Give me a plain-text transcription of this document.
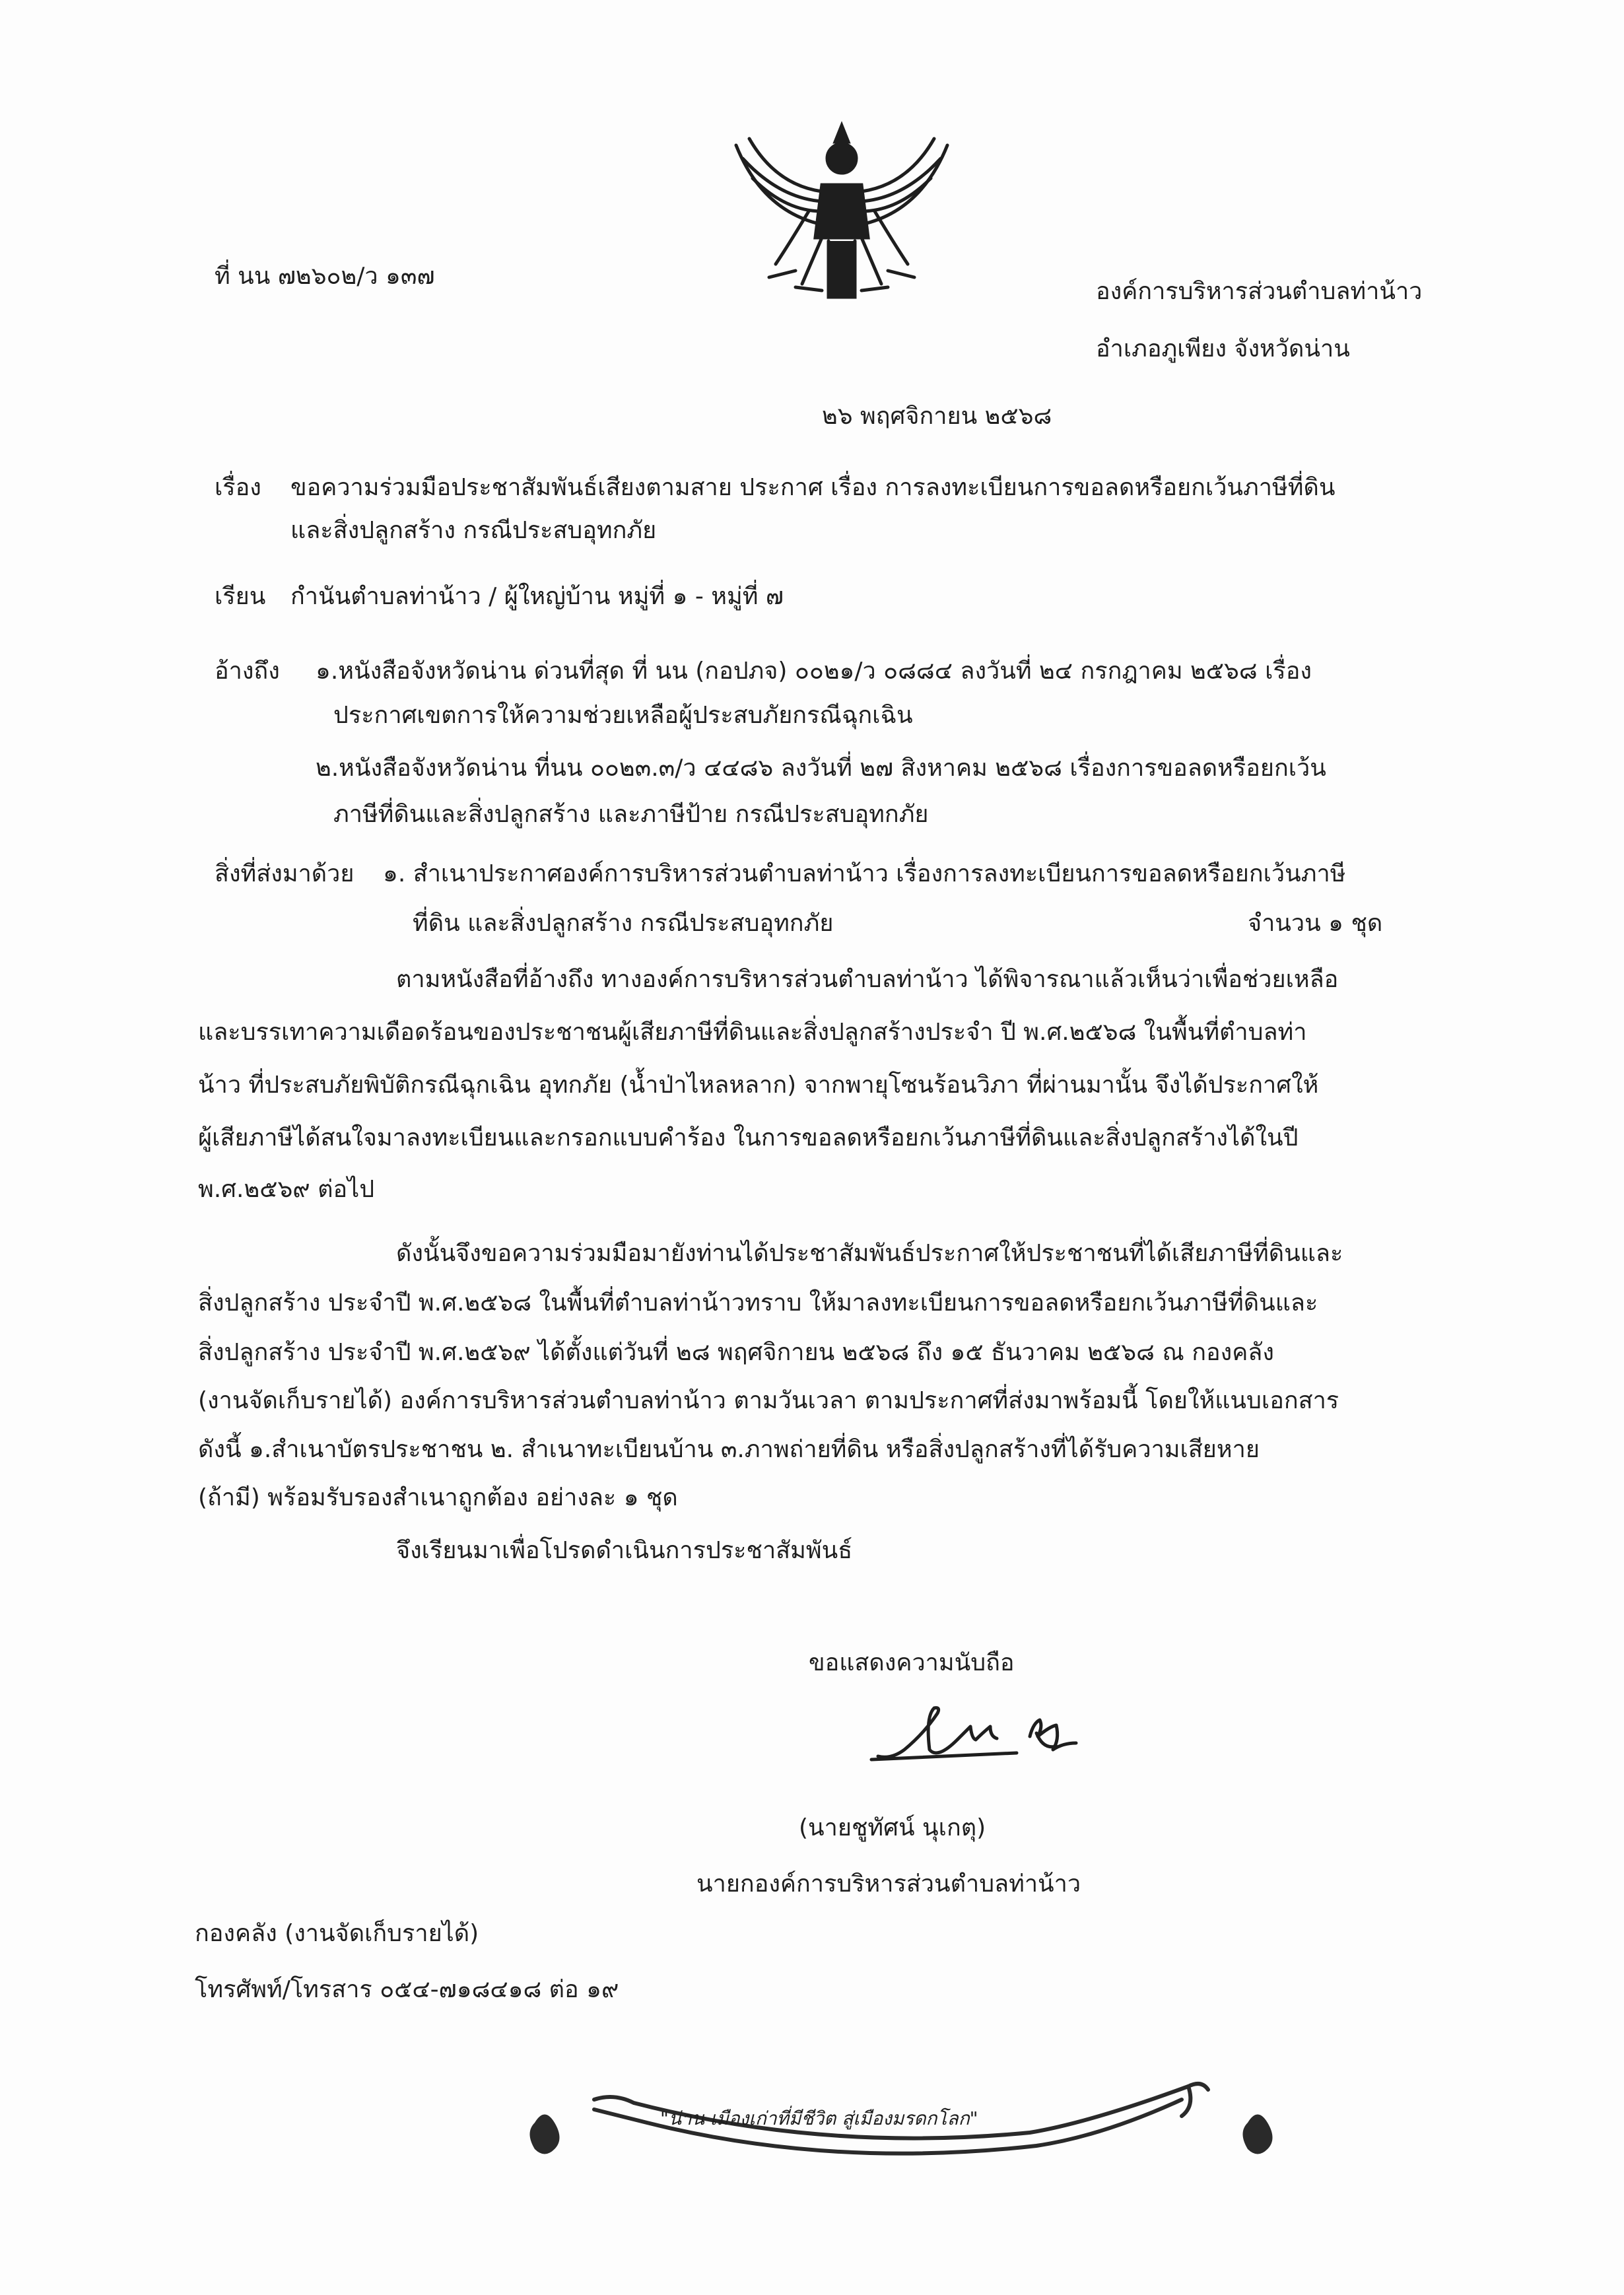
ที่ นน ๗๒๖๐๒/ว ๑๓๗
องค์การบริหารส่วนตำบลท่าน้าว
อำเภอภูเพียง จังหวัดน่าน
๒๖ พฤศจิกายน ๒๕๖๘
เรื่อง ขอความร่วมมือประชาสัมพันธ์เสียงตามสาย ประกาศ เรื่อง การลงทะเบียนการขอลดหรือยกเว้นภาษีที่ดิน
และสิ่งปลูกสร้าง กรณีประสบอุทกภัย
เรียน กำนันตำบลท่าน้าว / ผู้ใหญ่บ้าน หมู่ที่ ๑ - หมู่ที่ ๗
อ้างถึง ๑.หนังสือจังหวัดน่าน ด่วนที่สุด ที่ นน (กอปภจ) ๐๐๒๑/ว ๐๘๘๔ ลงวันที่ ๒๔ กรกฎาคม ๒๕๖๘ เรื่อง
ประกาศเขตการให้ความช่วยเหลือผู้ประสบภัยกรณีฉุกเฉิน
๒.หนังสือจังหวัดน่าน ที่นน ๐๐๒๓.๓/ว ๔๔๘๖ ลงวันที่ ๒๗ สิงหาคม ๒๕๖๘ เรื่องการขอลดหรือยกเว้น
ภาษีที่ดินและสิ่งปลูกสร้าง และภาษีป้าย กรณีประสบอุทกภัย
สิ่งที่ส่งมาด้วย ๑. สำเนาประกาศองค์การบริหารส่วนตำบลท่าน้าว เรื่องการลงทะเบียนการขอลดหรือยกเว้นภาษี
ที่ดิน และสิ่งปลูกสร้าง กรณีประสบอุทกภัย	จำนวน ๑ ชุด
ตามหนังสือที่อ้างถึง ทางองค์การบริหารส่วนตำบลท่าน้าว ได้พิจารณาแล้วเห็นว่าเพื่อช่วยเหลือ
และบรรเทาความเดือดร้อนของประชาชนผู้เสียภาษีที่ดินและสิ่งปลูกสร้างประจำ ปี พ.ศ.๒๕๖๘ ในพื้นที่ตำบลท่า
น้าว ที่ประสบภัยพิบัติกรณีฉุกเฉิน อุทกภัย (น้ำป่าไหลหลาก) จากพายุโซนร้อนวิภา ที่ผ่านมานั้น จึงได้ประกาศให้
ผู้เสียภาษีได้สนใจมาลงทะเบียนและกรอกแบบคำร้อง ในการขอลดหรือยกเว้นภาษีที่ดินและสิ่งปลูกสร้างได้ในปี
พ.ศ.๒๕๖๙ ต่อไป
ดังนั้นจึงขอความร่วมมือมายังท่านได้ประชาสัมพันธ์ประกาศให้ประชาชนที่ได้เสียภาษีที่ดินและ
สิ่งปลูกสร้าง ประจำปี พ.ศ.๒๕๖๘ ในพื้นที่ตำบลท่าน้าวทราบ ให้มาลงทะเบียนการขอลดหรือยกเว้นภาษีที่ดินและ
สิ่งปลูกสร้าง ประจำปี พ.ศ.๒๕๖๙ ได้ตั้งแต่วันที่ ๒๘ พฤศจิกายน ๒๕๖๘ ถึง ๑๕ ธันวาคม ๒๕๖๘ ณ กองคลัง
(งานจัดเก็บรายได้) องค์การบริหารส่วนตำบลท่าน้าว ตามวันเวลา ตามประกาศที่ส่งมาพร้อมนี้ โดยให้แนบเอกสาร
ดังนี้ ๑.สำเนาบัตรประชาชน ๒. สำเนาทะเบียนบ้าน ๓.ภาพถ่ายที่ดิน หรือสิ่งปลูกสร้างที่ได้รับความเสียหาย
(ถ้ามี) พร้อมรับรองสำเนาถูกต้อง อย่างละ ๑ ชุด
จึงเรียนมาเพื่อโปรดดำเนินการประชาสัมพันธ์
ขอแสดงความนับถือ
(นายชูทัศน์ นุเกตุ)
นายกองค์การบริหารส่วนตำบลท่าน้าว
กองคลัง (งานจัดเก็บรายได้)
โทรศัพท์/โทรสาร ๐๕๔-๗๑๘๔๑๘ ต่อ ๑๙
"น่าน เมืองเก่าที่มีชีวิต สู่เมืองมรดกโลก"
